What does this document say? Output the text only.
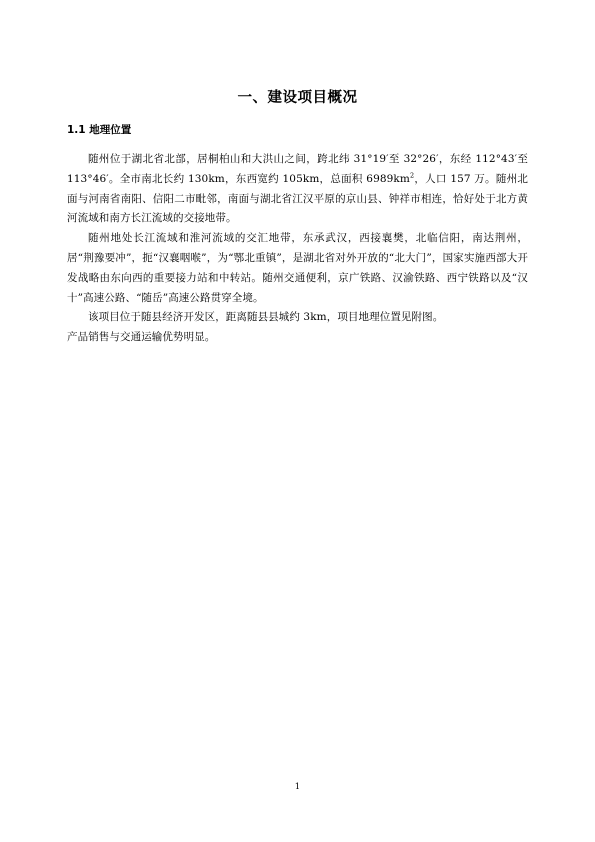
一、建设项目概况
1.1 地理位置

随州位于湖北省北部，居桐柏山和大洪山之间，跨北纬 31°19′至 32°26′，东经 112°43′至 113°46′。全市南北长约 130km，东西宽约 105km，总面积 $6989km^2$，人口 157 万。随州北面与河南省南阳、信阳二市毗邻，南面与湖北省江汉平原的京山县、钟祥市相连，恰好处于北方黄河流域和南方长江流域的交接地带。

随州地处长江流域和淮河流域的交汇地带，东承武汉，西接襄樊，北临信阳，南达荆州，居“荆豫要冲”，扼“汉襄咽喉”，为“鄂北重镇”，是湖北省对外开放的“北大门”，国家实施西部大开发战略由东向西的重要接力站和中转站。随州交通便利，京广铁路、汉渝铁路、西宁铁路以及“汉十”高速公路、“随岳”高速公路贯穿全境。

该项目位于随县经济开发区，距离随县县城约 3km，项目地理位置见附图。

产品销售与交通运输优势明显。

1
